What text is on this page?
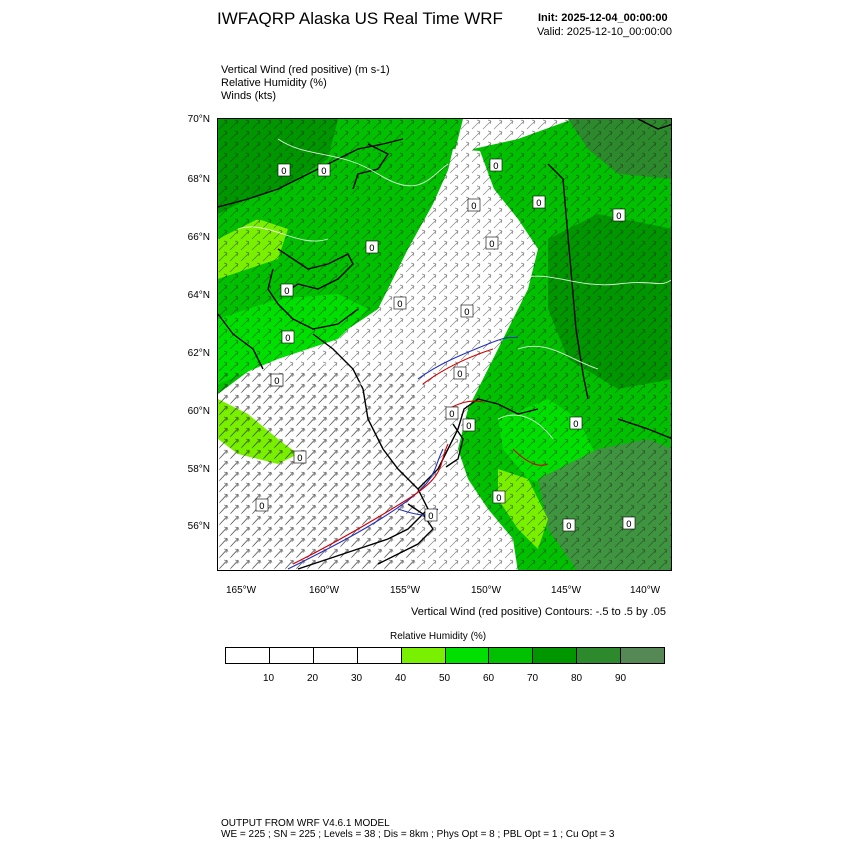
IWFAQRP Alaska US Real Time WRF	Init: 2025-12-04_00:00:00
Valid: 2025-12-10_00:00:00
Vertical Wind (red positive) (m s-1)
Relative Humidity (%)
Winds (kts)
70°N
68°N
66°N
64°N
62°N
60°N
58°N
56°N
165°W	160°W	155°W	150°W	145°W	140°W
0
0
0
0
0	0
0
0
0
0
0
0
0
0
0
0
0
0
0	0
0
0
0
Vertical Wind (red positive) Contours: -.5 to .5 by .05
Relative Humidity (%)
10	20	30	40	50	60	70	80	90
OUTPUT FROM WRF V4.6.1 MODEL
WE = 225 ; SN = 225 ; Levels = 38 ; Dis = 8km ; Phys Opt = 8 ; PBL Opt = 1 ; Cu Opt = 3
